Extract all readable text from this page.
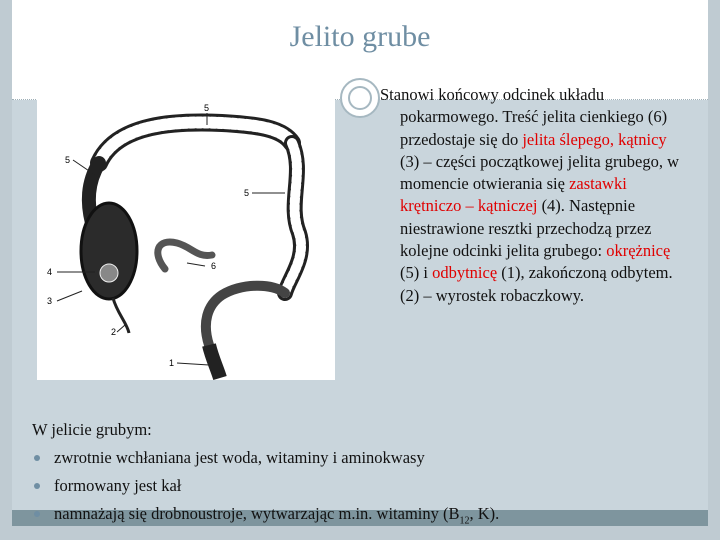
Jelito grube
5
5
5
6
4
3
2
1
Stanowi końcowy odcinek układu pokarmowego. Treść jelita cienkiego (6) przedostaje się do jelita ślepego, kątnicy (3) – części początkowej jelita grubego, w momencie otwierania się zastawki krętniczo – kątniczej (4). Następnie niestrawione resztki przechodzą przez kolejne odcinki jelita grubego: okrężnicę (5) i odbytnicę (1), zakończoną odbytem. (2) – wyrostek robaczkowy.
W jelicie grubym:
zwrotnie wchłaniana jest woda, witaminy i aminokwasy
formowany jest kał
namnażają się drobnoustroje, wytwarzając m.in. witaminy ($B_{12}$, K).
